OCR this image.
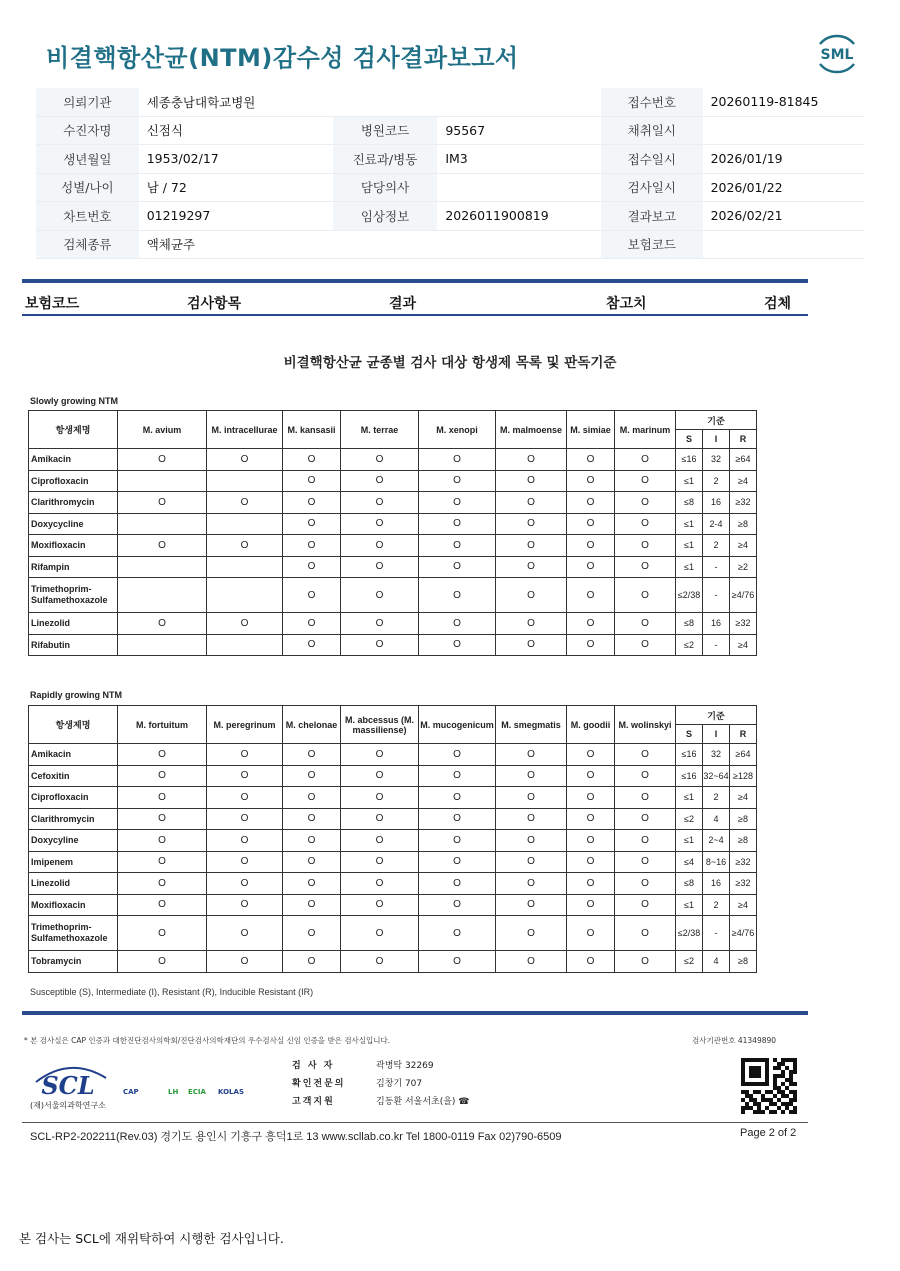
비결핵항산균(NTM)감수성 검사결과보고서	SML
의뢰기관	세종충남대학교병원			접수번호	20260119-81845
수진자명	신점식	병원코드	95567	채취일시	
생년월일	1953/02/17	진료과/병동	IM3	접수일시	2026/01/19
성별/나이	남 / 72	담당의사		검사일시	2026/01/22
차트번호	01219297	임상정보	2026011900819	결과보고	2026/02/21
검체종류	액체균주			보험코드	
보험코드	검사항목	결과	참고치	검체
비결핵항산균 균종별 검사 대상 항생제 목록 및 판독기준
Slowly growing NTM
항생제명	M. avium	M. intracellurae	M. kansasii	M. terrae	M. xenopi	M. malmoense	M. simiae	M. marinum	기준		
									S	I	R
Amikacin	O	O	O	O	O	O	O	O	≤16	32	≥64
Ciprofloxacin			O	O	O	O	O	O	≤1	2	≥4
Clarithromycin	O	O	O	O	O	O	O	O	≤8	16	≥32
Doxycycline			O	O	O	O	O	O	≤1	2-4	≥8
Moxifloxacin	O	O	O	O	O	O	O	O	≤1	2	≥4
Rifampin			O	O	O	O	O	O	≤1	-	≥2
Trimethoprim-Sulfamethoxazole			O	O	O	O	O	O	≤2/38	-	≥4/76
Linezolid	O	O	O	O	O	O	O	O	≤8	16	≥32
Rifabutin			O	O	O	O	O	O	≤2	-	≥4
Rapidly growing NTM
항생제명	M. fortuitum	M. peregrinum	M. chelonae	M. abcessus (M. massiliense)	M. mucogenicum	M. smegmatis	M. goodii	M. wolinskyi	기준		
									S	I	R
Amikacin	O	O	O	O	O	O	O	O	≤16	32	≥64
Cefoxitin	O	O	O	O	O	O	O	O	≤16	32~64	≥128
Ciprofloxacin	O	O	O	O	O	O	O	O	≤1	2	≥4
Clarithromycin	O	O	O	O	O	O	O	O	≤2	4	≥8
Doxycyline	O	O	O	O	O	O	O	O	≤1	2~4	≥8
Imipenem	O	O	O	O	O	O	O	O	≤4	8~16	≥32
Linezolid	O	O	O	O	O	O	O	O	≤8	16	≥32
Moxifloxacin	O	O	O	O	O	O	O	O	≤1	2	≥4
Trimethoprim-Sulfamethoxazole	O	O	O	O	O	O	O	O	≤2/38	-	≥4/76
Tobramycin	O	O	O	O	O	O	O	O	≤2	4	≥8
Susceptible (S), Intermediate (I), Resistant (R), Inducible Resistant (IR)
* 본 검사실은 CAP 인증과 대한진단검사의학회/진단검사의학재단의 우수검사실 신임 인증을 받은 검사실입니다.	검사기관번호 41349890
SCL
(재)서울의과학연구소
CAP	LH ECIA KOLAS
검 사 자	곽병탁 32269
확인전문의	김창기 707
고객지원	김동환 서울서초(을) ☎
SCL-RP2-202211(Rev.03) 경기도 용인시 기흥구 흥덕1로 13 www.scllab.co.kr Tel 1800-0119 Fax 02)790-6509	Page 2 of 2
본 검사는 SCL에 재위탁하여 시행한 검사입니다.
